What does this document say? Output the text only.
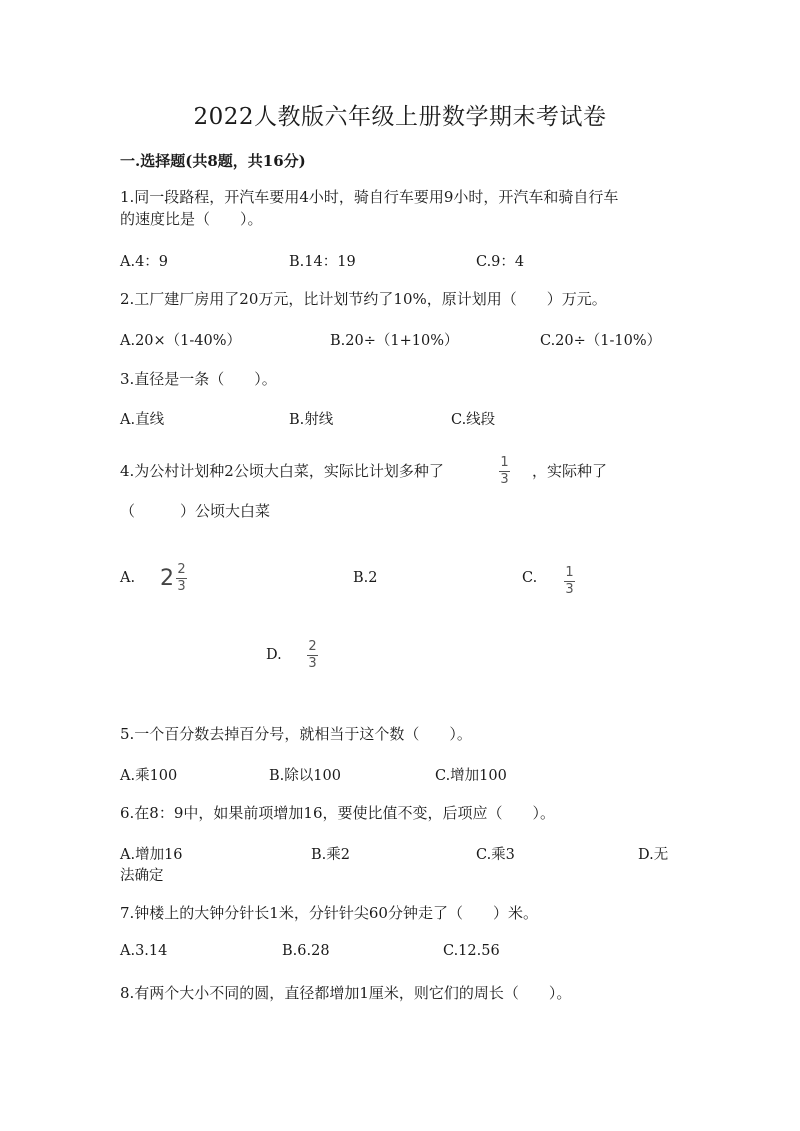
2022人教版六年级上册数学期末考试卷
一.选择题(共8题，共16分)
1.同一段路程，开汽车要用4小时，骑自行车要用9小时，开汽车和骑自行车
的速度比是（　　）。
A.4：9	B.14：19	C.9：4
2.工厂建厂房用了20万元，比计划节约了10%，原计划用（　　）万元。
A.20×（1-40%）	B.20÷（1+10%）	C.20÷（1-10%）
3.直径是一条（　　）。
A.直线	B.射线	C.线段
4.为公村计划种2公顷大白菜，实际比计划多种了	1
3 ，实际种了
（　　　）公顷大白菜
A. $2 \frac{2}{3}$	B.2	C. 1
3
D.
2
3
5.一个百分数去掉百分号，就相当于这个数（　　）。
A.乘100	B.除以100	C.增加100
6.在8：9中，如果前项增加16，要使比值不变，后项应（　　）。
A.增加16	B.乘2	C.乘3	D.无
法确定
7.钟楼上的大钟分针长1米，分针针尖60分钟走了（　　）米。
A.3.14	B.6.28	C.12.56
8.有两个大小不同的圆，直径都增加1厘米，则它们的周长（　　）。
